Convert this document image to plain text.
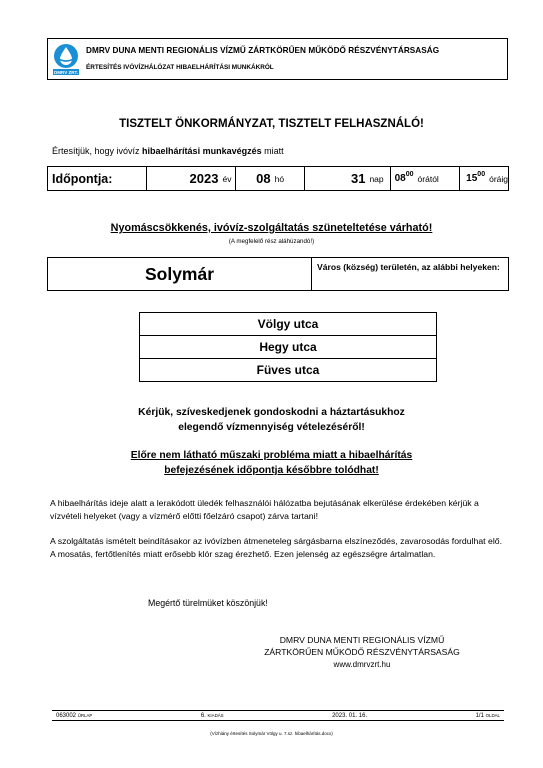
DMRV ZRT.
DMRV DUNA MENTI REGIONÁLIS VÍZMŰ ZÁRTKÖRŰEN MŰKÖDŐ RÉSZVÉNYTÁRSASÁG
ÉRTESÍTÉS IVÓVÍZHÁLÓZAT HIBAELHÁRÍTÁSI MUNKÁKRÓL
TISZTELT ÖNKORMÁNYZAT, TISZTELT FELHASZNÁLÓ!
Értesítjük, hogy ivóvíz hibaelhárítási munkavégzés miatt
Időpontja:	2023 év 08 hó	31 nap $08^{00}$ órától	$15^{00}$ óráig
Nyomáscsökkenés, ivóvíz-szolgáltatás szüneteltetése várható!
(A megfelelő rész aláhúzandó!)
Solymár	Város (község) területén, az alábbi helyeken:
Völgy utca
Hegy utca
Füves utca
Kérjük, szíveskedjenek gondoskodni a háztartásukhoz
elegendő vízmennyiség vételezéséről!
Előre nem látható műszaki probléma miatt a hibaelhárítás
befejezésének időpontja későbbre tolódhat!
A hibaelhárítás ideje alatt a lerakódott üledék felhasználói hálózatba bejutásának elkerülése érdekében kérjük a vízvételi helyeket (vagy a vízmérő előtti főelzáró csapot) zárva tartani!
A szolgáltatás ismételt beindításakor az ivóvízben átmeneteleg sárgásbarna elszíneződés, zavarosodás fordulhat elő. A mosatás, fertőtlenítés miatt erősebb klór szag érezhető. Ezen jelenség az egészségre ártalmatlan.
Megértő türelmüket köszönjük!
DMRV DUNA MENTI REGIONÁLIS VÍZMŰ
ZÁRTKÖRŰEN MŰKÖDŐ RÉSZVÉNYTÁRSASÁG
www.dmrvzrt.hu
063002 ŰRLAP	6. KIADÁS	2023. 01. 16.	1/1 OLDAL
(Vízhiány értesítés Solymár Völgy u. 7.sz. hibaelhárítás.docx)
